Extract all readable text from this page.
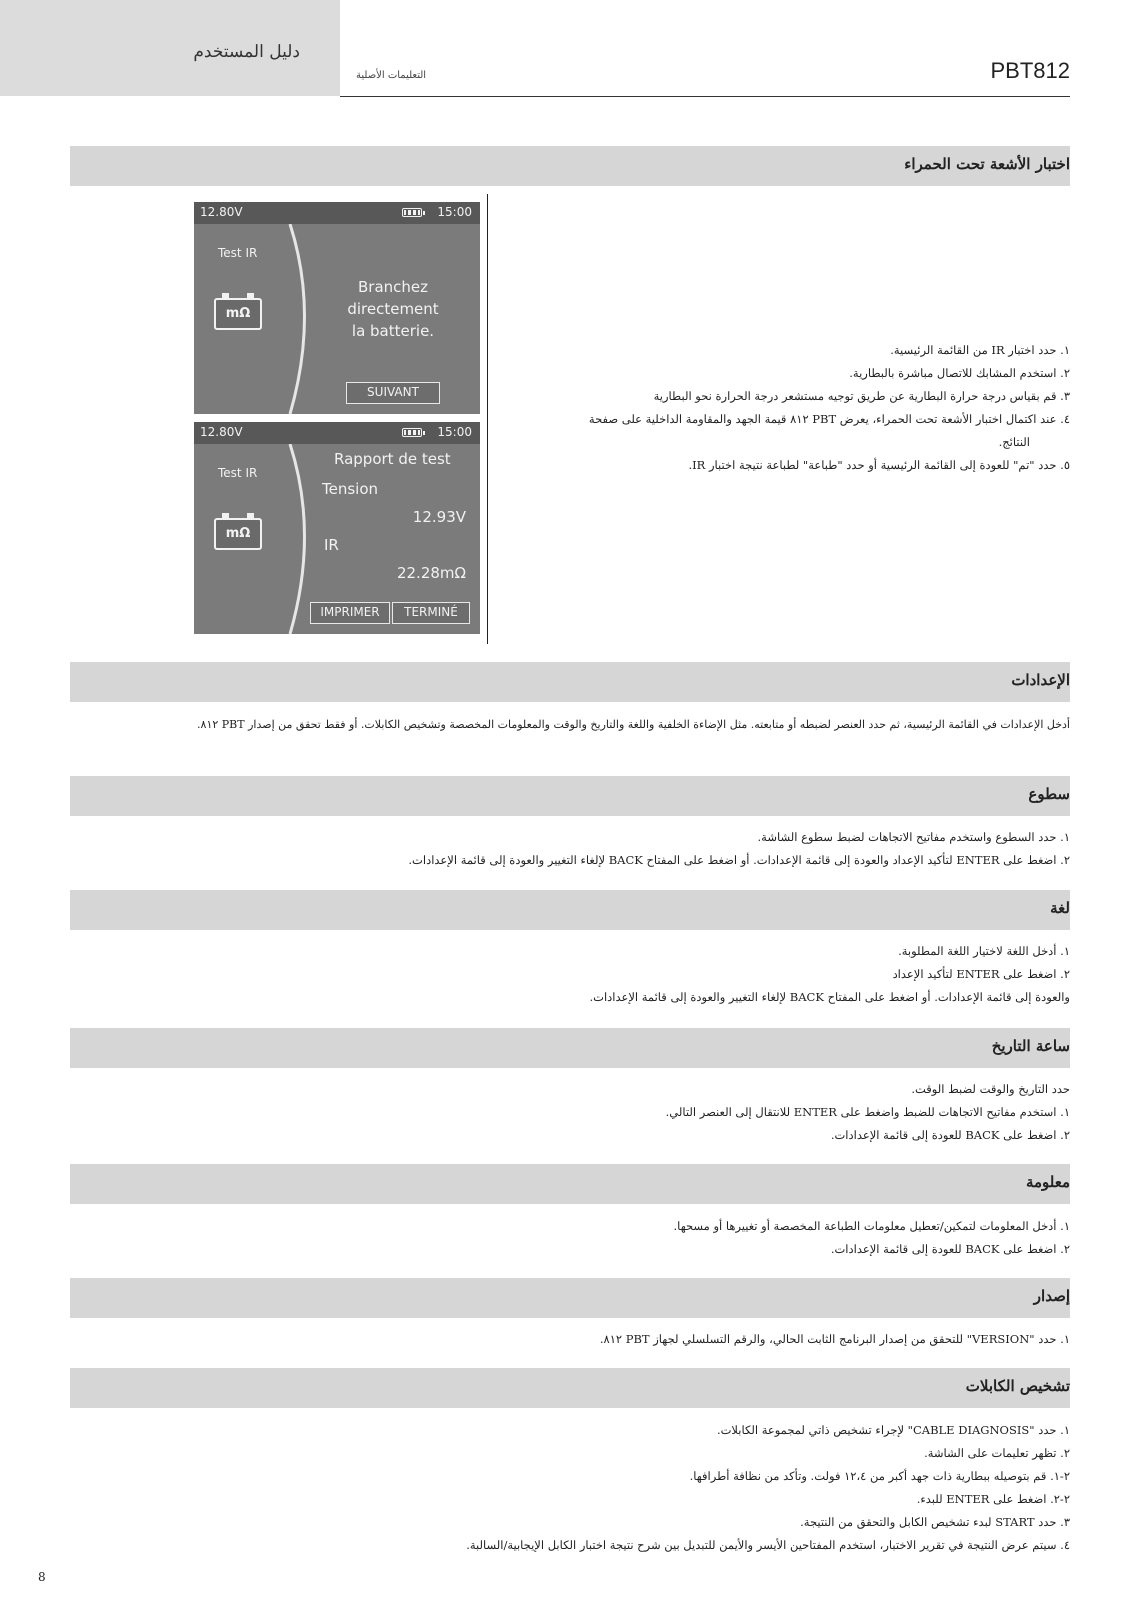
دليل المستخدم
التعليمات الأصلية	PBT812
اختبار الأشعة تحت الحمراء
١. حدد اختبار IR من القائمة الرئيسية.
٢. استخدم المشابك للاتصال مباشرة بالبطارية.
٣. قم بقياس درجة حرارة البطارية عن طريق توجيه مستشعر درجة الحرارة نحو البطارية
٤. عند اكتمال اختبار الأشعة تحت الحمراء، يعرض PBT ٨١٢ قيمة الجهد والمقاومة الداخلية على صفحة
النتائج.
٥. حدد "تم" للعودة إلى القائمة الرئيسية أو حدد "طباعة" لطباعة نتيجة اختبار IR.
12.80V	15:00
Test IR
mΩ
Branchez
directement
la batterie.
SUIVANT
12.80V	15:00
Test IR
mΩ
Rapport de test
Tension
12.93V
IR
22.28mΩ
IMPRIMER	TERMINÉ
الإعدادات
أدخل الإعدادات في القائمة الرئيسية، ثم حدد العنصر لضبطه أو متابعته. مثل الإضاءة الخلفية واللغة والتاريخ والوقت والمعلومات المخصصة وتشخيص الكابلات. أو فقط تحقق من إصدار PBT ٨١٢.
سطوع
١. حدد السطوع واستخدم مفاتيح الاتجاهات لضبط سطوع الشاشة.
٢. اضغط على ENTER لتأكيد الإعداد والعودة إلى قائمة الإعدادات. أو اضغط على المفتاح BACK لإلغاء التغيير والعودة إلى قائمة الإعدادات.
لغة
١. أدخل اللغة لاختيار اللغة المطلوبة.
٢. اضغط على ENTER لتأكيد الإعداد
والعودة إلى قائمة الإعدادات. أو اضغط على المفتاح BACK لإلغاء التغيير والعودة إلى قائمة الإعدادات.
ساعة التاريخ
حدد التاريخ والوقت لضبط الوقت.
١. استخدم مفاتيح الاتجاهات للضبط واضغط على ENTER للانتقال إلى العنصر التالي.
٢. اضغط على BACK للعودة إلى قائمة الإعدادات.
معلومة
١. أدخل المعلومات لتمكين/تعطيل معلومات الطباعة المخصصة أو تغييرها أو مسحها.
٢. اضغط على BACK للعودة إلى قائمة الإعدادات.
إصدار
١. حدد "VERSION" للتحقق من إصدار البرنامج الثابت الحالي، والرقم التسلسلي لجهاز PBT ٨١٢.
تشخيص الكابلات
١. حدد "CABLE DIAGNOSIS" لإجراء تشخيص ذاتي لمجموعة الكابلات.
٢. تظهر تعليمات على الشاشة.
٢-١. قم بتوصيله ببطارية ذات جهد أكبر من ١٢،٤ فولت. وتأكد من نظافة أطرافها.
٢-٢. اضغط على ENTER للبدء.
٣. حدد START لبدء تشخيص الكابل والتحقق من النتيجة.
٤. سيتم عرض النتيجة في تقرير الاختبار، استخدم المفتاحين الأيسر والأيمن للتبديل بين شرح نتيجة اختبار الكابل الإيجابية/السالبة.
8
